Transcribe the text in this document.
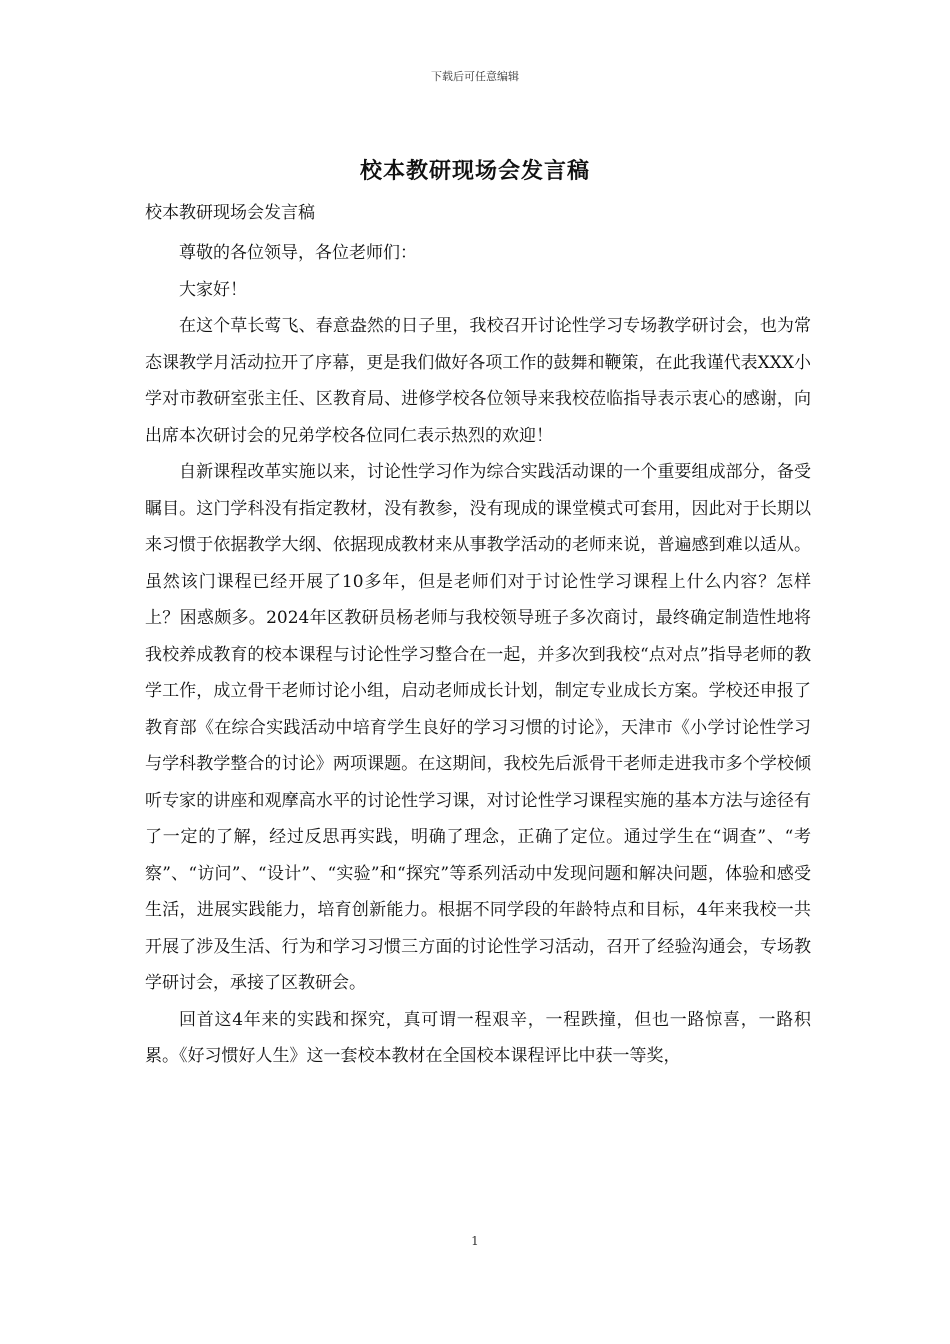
下载后可任意编辑
校本教研现场会发言稿
校本教研现场会发言稿

尊敬的各位领导，各位老师们：

大家好！

在这个草长莺飞、春意盎然的日子里，我校召开讨论性学习专场教学研讨会，也为常态课教学月活动拉开了序幕，更是我们做好各项工作的鼓舞和鞭策，在此我谨代表XXX小学对市教研室张主任、区教育局、进修学校各位领导来我校莅临指导表示衷心的感谢，向出席本次研讨会的兄弟学校各位同仁表示热烈的欢迎！

自新课程改革实施以来，讨论性学习作为综合实践活动课的一个重要组成部分，备受瞩目。这门学科没有指定教材，没有教参，没有现成的课堂模式可套用，因此对于长期以来习惯于依据教学大纲、依据现成教材来从事教学活动的老师来说，普遍感到难以适从。虽然该门课程已经开展了10多年，但是老师们对于讨论性学习课程上什么内容？怎样上？困惑颇多。2024年区教研员杨老师与我校领导班子多次商讨，最终确定制造性地将我校养成教育的校本课程与讨论性学习整合在一起，并多次到我校“点对点”指导老师的教学工作，成立骨干老师讨论小组，启动老师成长计划，制定专业成长方案。学校还申报了教育部《在综合实践活动中培育学生良好的学习习惯的讨论》，天津市《小学讨论性学习与学科教学整合的讨论》两项课题。在这期间，我校先后派骨干老师走进我市多个学校倾听专家的讲座和观摩高水平的讨论性学习课，对讨论性学习课程实施的基本方法与途径有了一定的了解，经过反思再实践，明确了理念，正确了定位。通过学生在“调查”、“考察”、“访问”、“设计”、“实验”和“探究”等系列活动中发现问题和解决问题，体验和感受生活，进展实践能力，培育创新能力。根据不同学段的年龄特点和目标，4年来我校一共开展了涉及生活、行为和学习习惯三方面的讨论性学习活动，召开了经验沟通会，专场教学研讨会，承接了区教研会。

回首这4年来的实践和探究，真可谓一程艰辛，一程跌撞，但也一路惊喜，一路积累。《好习惯好人生》这一套校本教材在全国校本课程评比中获一等奖，

1
